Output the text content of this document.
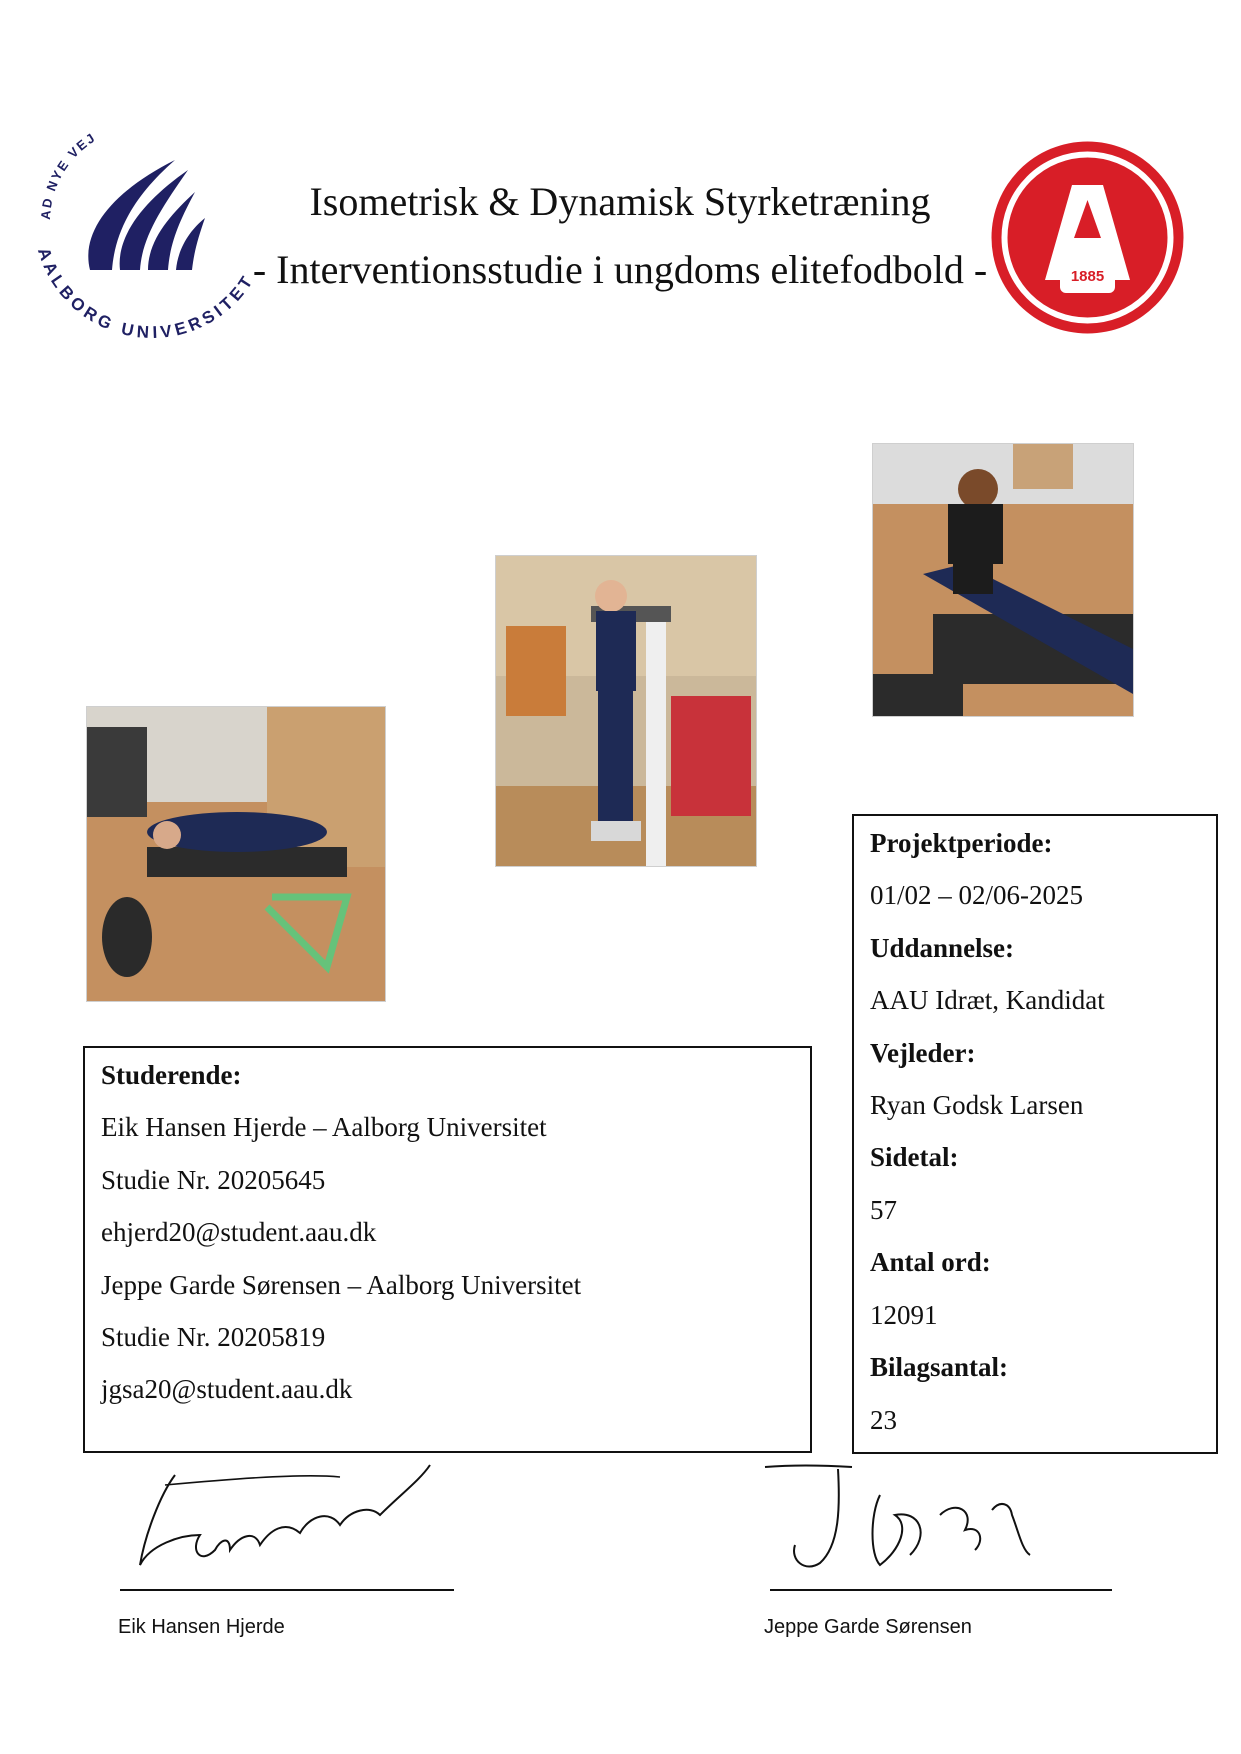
AD NYE VEJ
AALBORG UNIVERSITET
Isometrisk & Dynamisk Styrketræning
- Interventionsstudie i ungdoms elitefodbold -	1885
Studerende:
Eik Hansen Hjerde – Aalborg Universitet
Studie Nr. 20205645
ehjerd20@student.aau.dk
Jeppe Garde Sørensen – Aalborg Universitet
Studie Nr. 20205819
jgsa20@student.aau.dk
Projektperiode:
01/02 – 02/06-2025
Uddannelse:
AAU Idræt, Kandidat
Vejleder:
Ryan Godsk Larsen
Sidetal:
57
Antal ord:
12091
Bilagsantal:
23
Eik Hansen Hjerde	Jeppe Garde Sørensen
